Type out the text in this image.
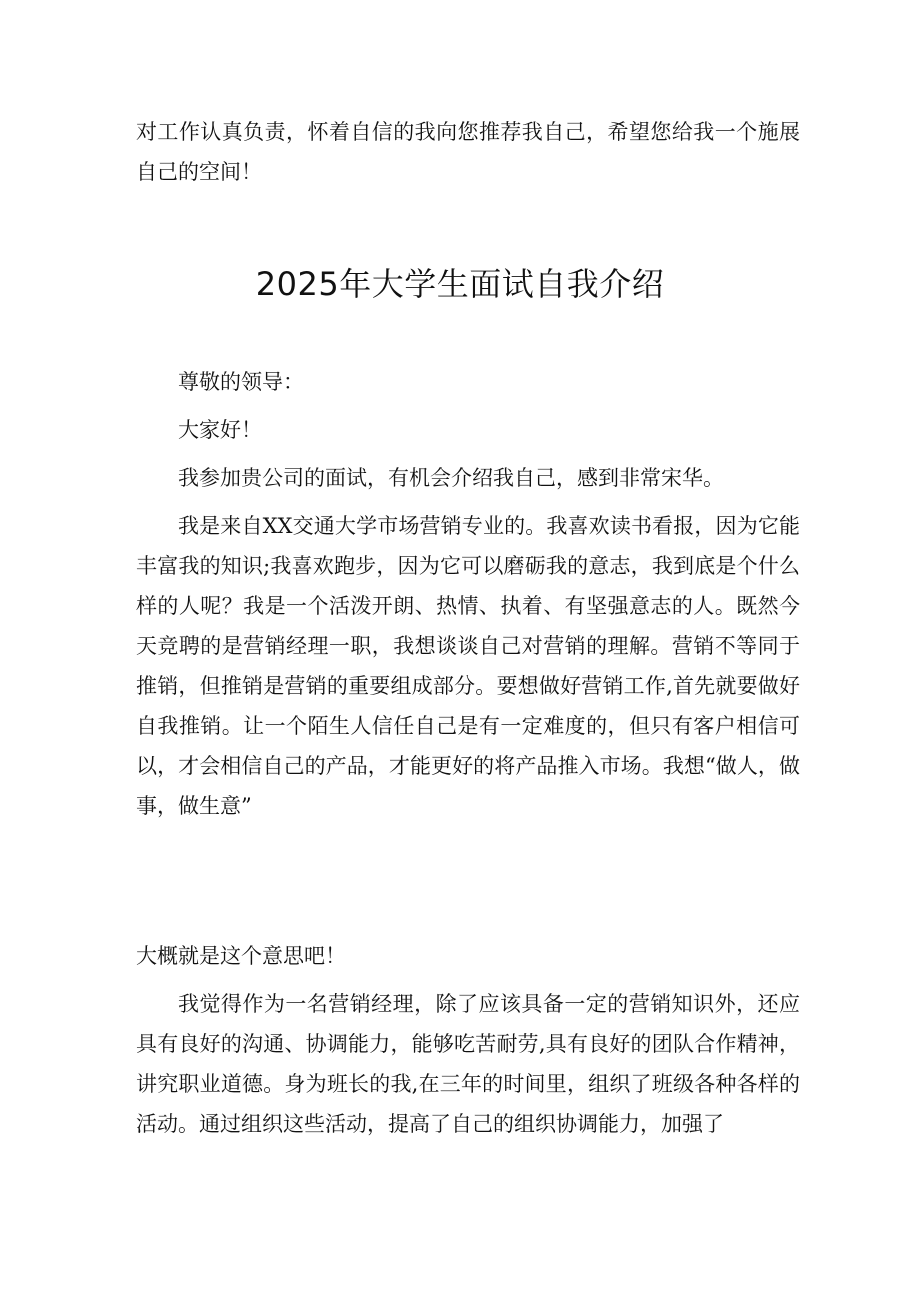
对工作认真负责，怀着自信的我向您推荐我自己，希望您给我一个施展自己的空间！

2025年大学生面试自我介绍

尊敬的领导：

大家好！

我参加贵公司的面试，有机会介绍我自己，感到非常宋华。

我是来自XX交通大学市场营销专业的。我喜欢读书看报，因为它能丰富我的知识;我喜欢跑步，因为它可以磨砺我的意志，我到底是个什么样的人呢？我是一个活泼开朗、热情、执着、有坚强意志的人。既然今天竞聘的是营销经理一职，我想谈谈自己对营销的理解。营销不等同于推销，但推销是营销的重要组成部分。要想做好营销工作,首先就要做好自我推销。让一个陌生人信任自己是有一定难度的，但只有客户相信可以，才会相信自己的产品，才能更好的将产品推入市场。我想“做人，做事，做生意”

大概就是这个意思吧！

我觉得作为一名营销经理，除了应该具备一定的营销知识外，还应具有良好的沟通、协调能力，能够吃苦耐劳,具有良好的团队合作精神，讲究职业道德。身为班长的我,在三年的时间里，组织了班级各种各样的活动。通过组织这些活动，提高了自己的组织协调能力，加强了
